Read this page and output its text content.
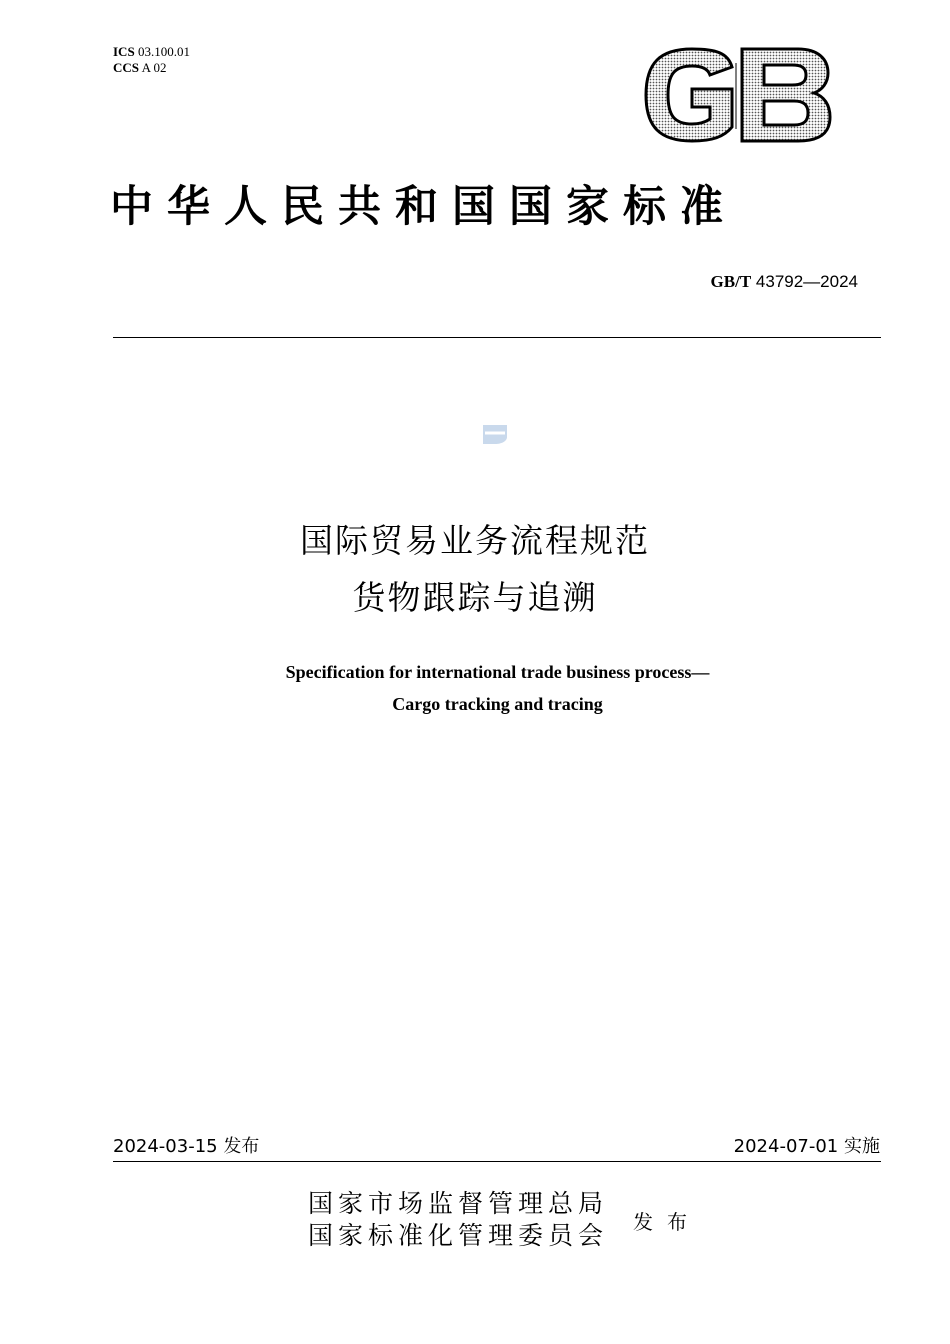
ICS 03.100.01
CCS A 02
中华人民共和国国家标准
GB/T 43792—2024
国际贸易业务流程规范
货物跟踪与追溯
Specification for international trade business process—
Cargo tracking and tracing
2024-03-15 发布	2024-07-01 实施
国家市场监督管理总局
国家标准化管理委员会 发布
